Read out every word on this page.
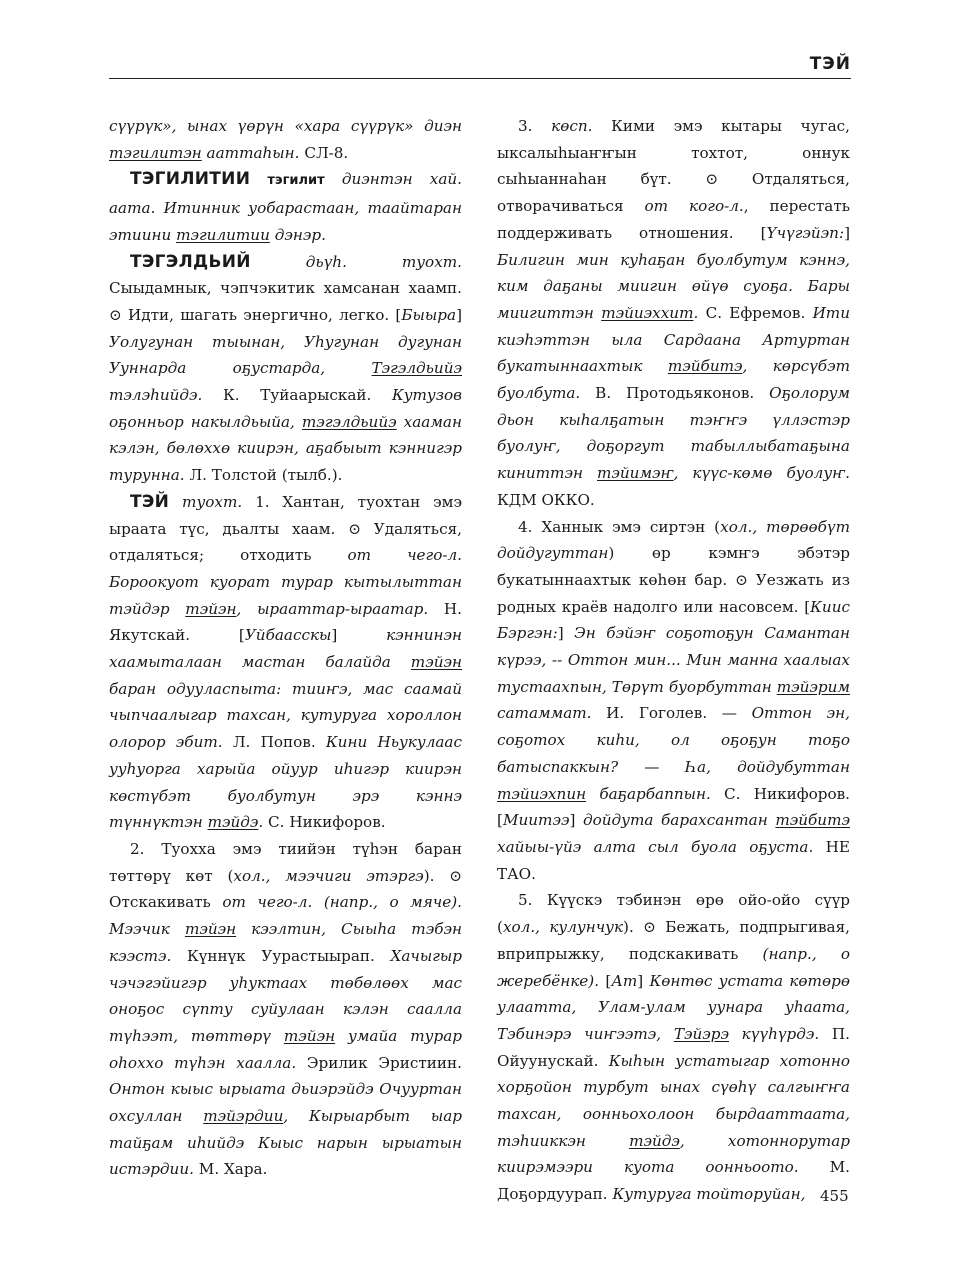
ТЭЙ

сүүрүк», ынах үөрүн «хара сүүрүк» диэн тэгилитэн ааттаһын. СЛ-8.

ТЭГИЛИТИИ тэгилит диэнтэн хай. аата. Итинник уобарастаан, таайтаран этиини тэгилитии дэнэр.

ТЭГЭЛДЬИЙ дьүһ. туохт. Сыыдамнык, чэпчэкитик хамсанан хаамп. ⊙ Идти, шагать энергично, легко. [Быыра] Уолугунан тыынан, Уһугунан дугунан Ууннарда оҕустарда, Тэгэлдьийэ тэлэһийдэ. К. Туйаарыскай. Кутузов оҕонньор накылдьыйа, тэгэлдьийэ хааман кэлэн, бөлөххө киирэн, аҕабыыт кэннигэр турунна. Л. Толстой (тылб.).

ТЭЙ туохт. 1. Хантан, туохтан эмэ ыраата түс, дьалты хаам. ⊙ Удаляться, отдаляться; отходить от чего-л. Бороокуот куорат турар кытылыттан тэйдэр тэйэн, ырааттар-ыраатар. Н. Якутскай. [Уйбаасскы] кэннинэн хаамыталаан мастан балайда тэйэн баран одууласпыта: тииҥэ, мас саамай чыпчаалыгар тахсан, кутуруга хороллон олорор эбит. Л. Попов. Кини Ньукулаас ууһуорга харыйа ойуур иһигэр киирэн көстүбэт буолбутун эрэ кэннэ түннүктэн тэйдэ. С. Никифоров.

2. Туохха эмэ тиийэн түһэн баран төттөрү көт (хол., мээчиги этэргэ). ⊙ Отскакивать от чего-л. (напр., о мяче). Мээчик тэйэн кээлтин, Сыыһа тэбэн кээстэ. Күннүк Уурастыырап. Хачыгыр чэчэгэйигэр уһуктаах төбөлөөх мас оноҕос сүпту суйулаан кэлэн саалла түһээт, төттөрү тэйэн умайа турар оһохxо түһэн хаалла. Эрилик Эристиин. Онтон кыыс ырыата дьиэрэйдэ Очууртан охсуллан тэйэрдии, Кырыарбыт ыар тайҕам иһийдэ Кыыс нарын ырыатын истэрдии. М. Хара.

3. көсп. Кими эмэ кытары чугас, ыксалыһыаҥҥын тохтот, оннук сыһыаннаһан бүт. ⊙ Отдаляться, отворачиваться от кого-л., перестать поддерживать отношения. [Үчүгэйэп:] Билигин мин куһаҕан буолбутум кэннэ, ким даҕаны миигин өйүө суоҕа. Бары миигиттэн тэйиэххит. С. Ефремов. Ити киэһэттэн ыла Сардаана Артуртан букатыннаахтык тэйбитэ, көрсүбэт буолбута. В. Протодьяконов. Оҕолорум дьон кыһалҕатын тэҥҥэ үллэстэр буолуҥ, доҕоргут табыллыбатаҕына киниттэн тэйимэҥ, күүс-көмө буолуҥ. КДМ ОККО.

4. Ханнык эмэ сиртэн (хол., төрөөбүт дойдугуттан) өр кэмҥэ эбэтэр букатыннаахтык көһөн бар. ⊙ Уезжать из родных краёв надолго или насовсем. [Киис Бэргэн:] Эн бэйэҥ соҕотоҕун Самантан күрээ, -- Оттон мин... Мин манна хаалыах тустаахпын, Төрүт буорбуттан тэйэрим сатаммат. И. Гоголев. — Оттон эн, соҕотох киһи, ол оҕоҕун тоҕо батыспаккын? — Һа, дойдубуттан тэйиэхпин баҕарбаппын. С. Никифоров. [Миитээ] дойдута барахсантан тэйбитэ хайыы-үйэ алта сыл буола оҕуста. НЕ ТАО.

5. Күүскэ тэбинэн өрө ойо-ойо сүүр (хол., кулунчук). ⊙ Бежать, подпрыгивая, вприпрыжку, подскакивать (напр., о жеребёнке). [Ат] Көнтөс устата көтөрө улаатта, Улам-улам уунара уһаата, Тэбинэрэ чиҥээтэ, Тэйэрэ күүһүрдэ. П. Ойуунускай. Кыһын устатыгар хотонно хорҕойон турбут ынах сүөһү салгыҥҥа тахсан, оонньохолоон бырдааттаата, тэһииккэн тэйдэ, хотоннорутар киирэмээри куота оонньоото. М. Доҕордуурап. Кутуруга тойторуйан, 455
